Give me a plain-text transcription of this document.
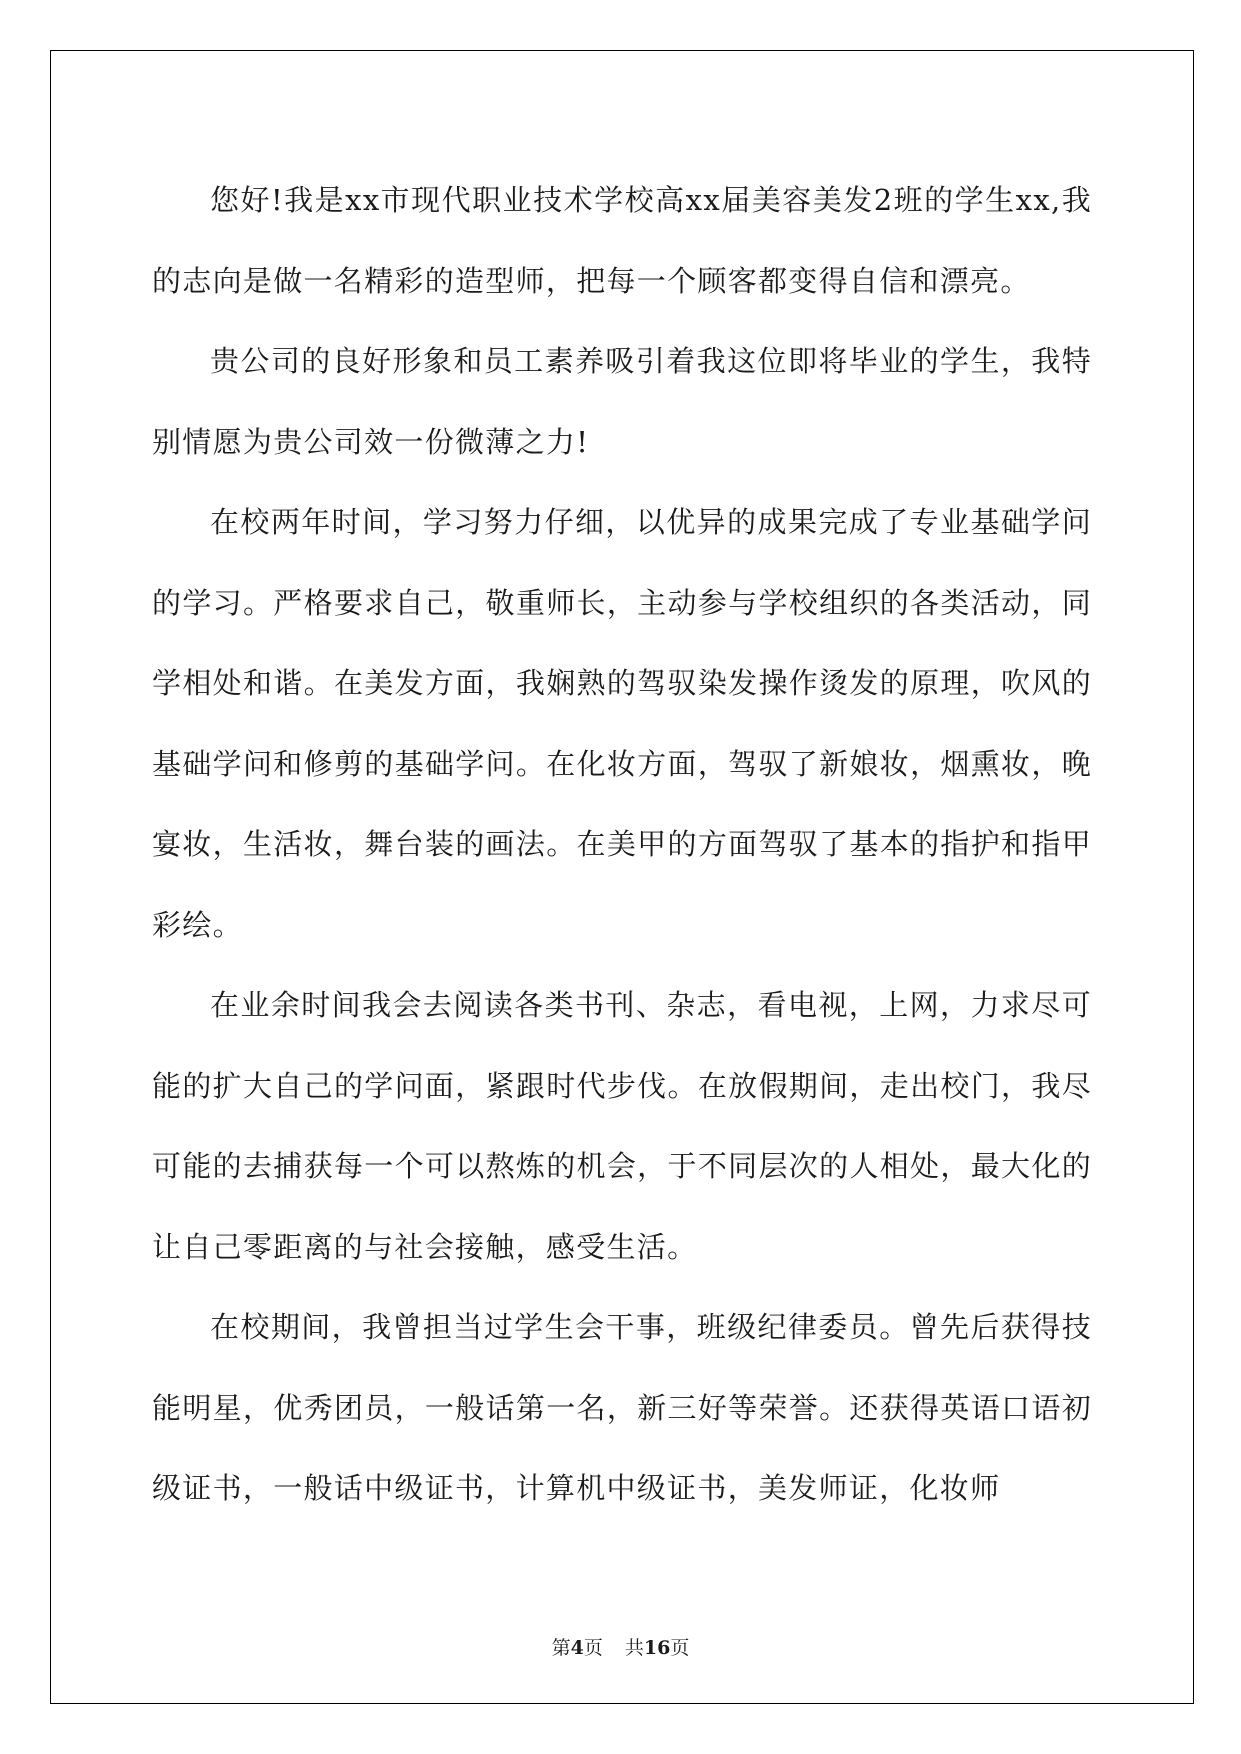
您好!我是xx市现代职业技术学校高xx届美容美发2班的学生xx,我的志向是做一名精彩的造型师，把每一个顾客都变得自信和漂亮。

贵公司的良好形象和员工素养吸引着我这位即将毕业的学生，我特别情愿为贵公司效一份微薄之力!

在校两年时间，学习努力仔细，以优异的成果完成了专业基础学问的学习。严格要求自己，敬重师长，主动参与学校组织的各类活动，同学相处和谐。在美发方面，我娴熟的驾驭染发操作烫发的原理，吹风的基础学问和修剪的基础学问。在化妆方面，驾驭了新娘妆，烟熏妆，晚宴妆，生活妆，舞台装的画法。在美甲的方面驾驭了基本的指护和指甲彩绘。

在业余时间我会去阅读各类书刊、杂志，看电视，上网，力求尽可能的扩大自己的学问面，紧跟时代步伐。在放假期间，走出校门，我尽可能的去捕获每一个可以熬炼的机会，于不同层次的人相处，最大化的让自己零距离的与社会接触，感受生活。

在校期间，我曾担当过学生会干事，班级纪律委员。曾先后获得技能明星，优秀团员，一般话第一名，新三好等荣誉。还获得英语口语初级证书，一般话中级证书，计算机中级证书，美发师证，化妆师

第4页 共16页
